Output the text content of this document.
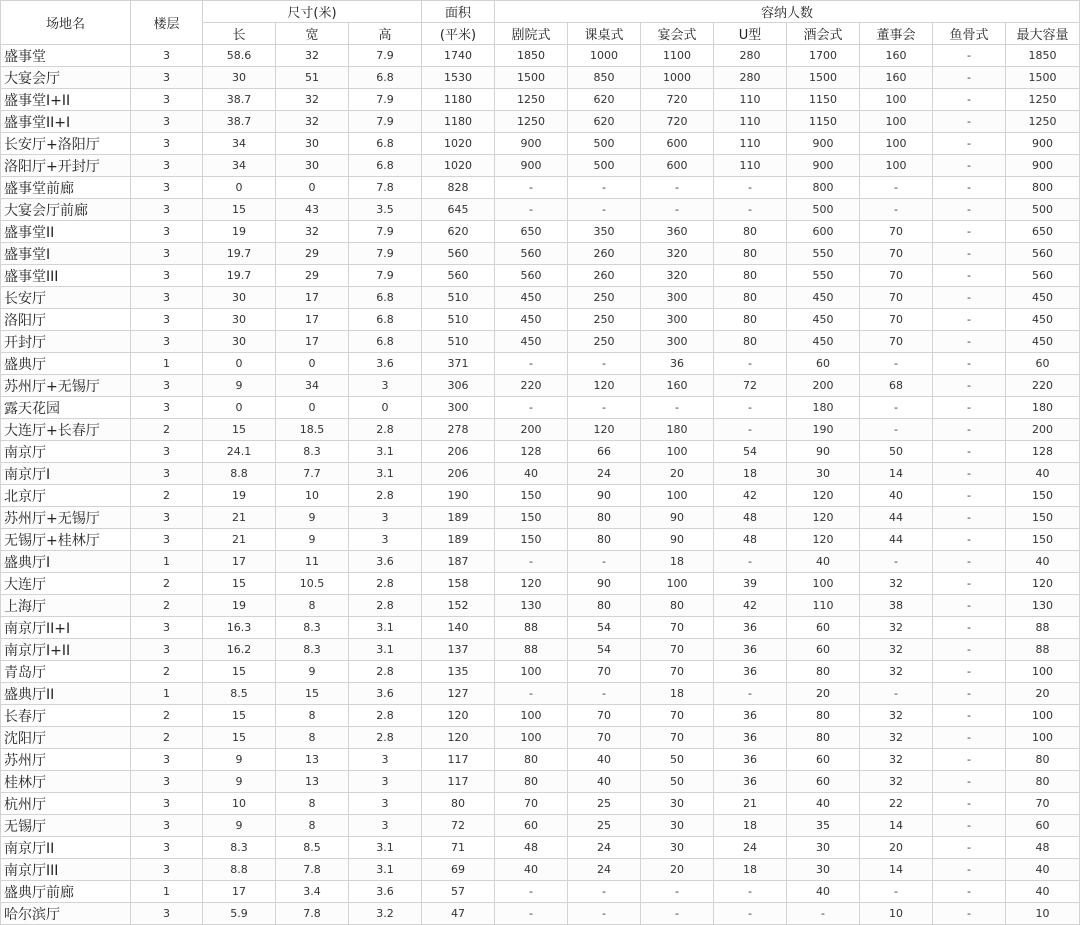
场地名	楼层	尺寸(米)			面积	容纳人数							
		长	宽	高	(平米)	剧院式	课桌式	宴会式	U型	酒会式	董事会	鱼骨式	最大容量
盛事堂	3	58.6	32	7.9	1740	1850	1000	1100	280	1700	160	-	1850
大宴会厅	3	30	51	6.8	1530	1500	850	1000	280	1500	160	-	1500
盛事堂I+II	3	38.7	32	7.9	1180	1250	620	720	110	1150	100	-	1250
盛事堂II+I	3	38.7	32	7.9	1180	1250	620	720	110	1150	100	-	1250
长安厅+洛阳厅	3	34	30	6.8	1020	900	500	600	110	900	100	-	900
洛阳厅+开封厅	3	34	30	6.8	1020	900	500	600	110	900	100	-	900
盛事堂前廊	3	0	0	7.8	828	-	-	-	-	800	-	-	800
大宴会厅前廊	3	15	43	3.5	645	-	-	-	-	500	-	-	500
盛事堂II	3	19	32	7.9	620	650	350	360	80	600	70	-	650
盛事堂I	3	19.7	29	7.9	560	560	260	320	80	550	70	-	560
盛事堂III	3	19.7	29	7.9	560	560	260	320	80	550	70	-	560
长安厅	3	30	17	6.8	510	450	250	300	80	450	70	-	450
洛阳厅	3	30	17	6.8	510	450	250	300	80	450	70	-	450
开封厅	3	30	17	6.8	510	450	250	300	80	450	70	-	450
盛典厅	1	0	0	3.6	371	-	-	36	-	60	-	-	60
苏州厅+无锡厅	3	9	34	3	306	220	120	160	72	200	68	-	220
露天花园	3	0	0	0	300	-	-	-	-	180	-	-	180
大连厅+长春厅	2	15	18.5	2.8	278	200	120	180	-	190	-	-	200
南京厅	3	24.1	8.3	3.1	206	128	66	100	54	90	50	-	128
南京厅I	3	8.8	7.7	3.1	206	40	24	20	18	30	14	-	40
北京厅	2	19	10	2.8	190	150	90	100	42	120	40	-	150
苏州厅+无锡厅	3	21	9	3	189	150	80	90	48	120	44	-	150
无锡厅+桂林厅	3	21	9	3	189	150	80	90	48	120	44	-	150
盛典厅I	1	17	11	3.6	187	-	-	18	-	40	-	-	40
大连厅	2	15	10.5	2.8	158	120	90	100	39	100	32	-	120
上海厅	2	19	8	2.8	152	130	80	80	42	110	38	-	130
南京厅II+I	3	16.3	8.3	3.1	140	88	54	70	36	60	32	-	88
南京厅I+II	3	16.2	8.3	3.1	137	88	54	70	36	60	32	-	88
青岛厅	2	15	9	2.8	135	100	70	70	36	80	32	-	100
盛典厅II	1	8.5	15	3.6	127	-	-	18	-	20	-	-	20
长春厅	2	15	8	2.8	120	100	70	70	36	80	32	-	100
沈阳厅	2	15	8	2.8	120	100	70	70	36	80	32	-	100
苏州厅	3	9	13	3	117	80	40	50	36	60	32	-	80
桂林厅	3	9	13	3	117	80	40	50	36	60	32	-	80
杭州厅	3	10	8	3	80	70	25	30	21	40	22	-	70
无锡厅	3	9	8	3	72	60	25	30	18	35	14	-	60
南京厅II	3	8.3	8.5	3.1	71	48	24	30	24	30	20	-	48
南京厅III	3	8.8	7.8	3.1	69	40	24	20	18	30	14	-	40
盛典厅前廊	1	17	3.4	3.6	57	-	-	-	-	40	-	-	40
哈尔滨厅	3	5.9	7.8	3.2	47	-	-	-	-	-	10	-	10
